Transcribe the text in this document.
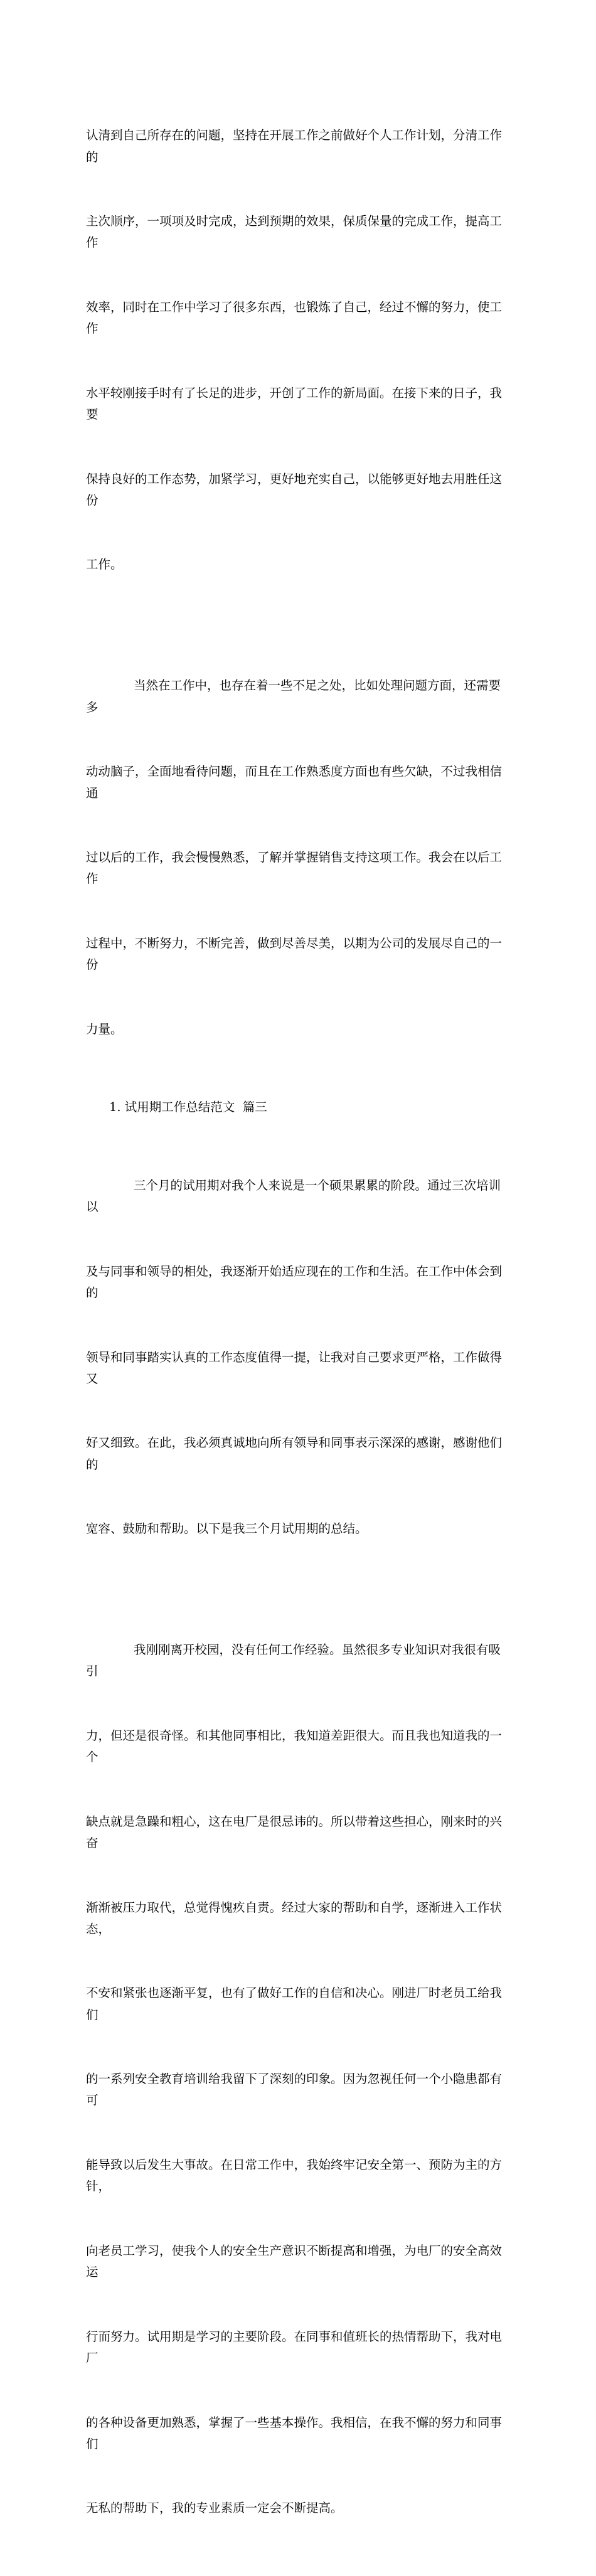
认清到自己所存在的问题，坚持在开展工作之前做好个人工作计划，分清工作的

主次顺序，一项项及时完成，达到预期的效果，保质保量的完成工作，提高工作

效率，同时在工作中学习了很多东西，也锻炼了自己，经过不懈的努力，使工作

水平较刚接手时有了长足的进步，开创了工作的新局面。在接下来的日子，我要

保持良好的工作态势，加紧学习，更好地充实自己，以能够更好地去用胜任这份

工作。

当然在工作中，也存在着一些不足之处，比如处理问题方面，还需要多

动动脑子，全面地看待问题，而且在工作熟悉度方面也有些欠缺，不过我相信通

过以后的工作，我会慢慢熟悉，了解并掌握销售支持这项工作。我会在以后工作

过程中，不断努力，不断完善，做到尽善尽美，以期为公司的发展尽自己的一份

力量。

1. 试用期工作总结范文  篇三

三个月的试用期对我个人来说是一个硕果累累的阶段。通过三次培训以

及与同事和领导的相处，我逐渐开始适应现在的工作和生活。在工作中体会到的

领导和同事踏实认真的工作态度值得一提，让我对自己要求更严格，工作做得又

好又细致。在此，我必须真诚地向所有领导和同事表示深深的感谢，感谢他们的

宽容、鼓励和帮助。以下是我三个月试用期的总结。

我刚刚离开校园，没有任何工作经验。虽然很多专业知识对我很有吸引

力，但还是很奇怪。和其他同事相比，我知道差距很大。而且我也知道我的一个

缺点就是急躁和粗心，这在电厂是很忌讳的。所以带着这些担心，刚来时的兴奋

渐渐被压力取代，总觉得愧疚自责。经过大家的帮助和自学，逐渐进入工作状态，

不安和紧张也逐渐平复，也有了做好工作的自信和决心。刚进厂时老员工给我们

的一系列安全教育培训给我留下了深刻的印象。因为忽视任何一个小隐患都有可

能导致以后发生大事故。在日常工作中，我始终牢记安全第一、预防为主的方针，

向老员工学习，使我个人的安全生产意识不断提高和增强，为电厂的安全高效运

行而努力。试用期是学习的主要阶段。在同事和值班长的热情帮助下，我对电厂

的各种设备更加熟悉，掌握了一些基本操作。我相信，在我不懈的努力和同事们

无私的帮助下，我的专业素质一定会不断提高。
